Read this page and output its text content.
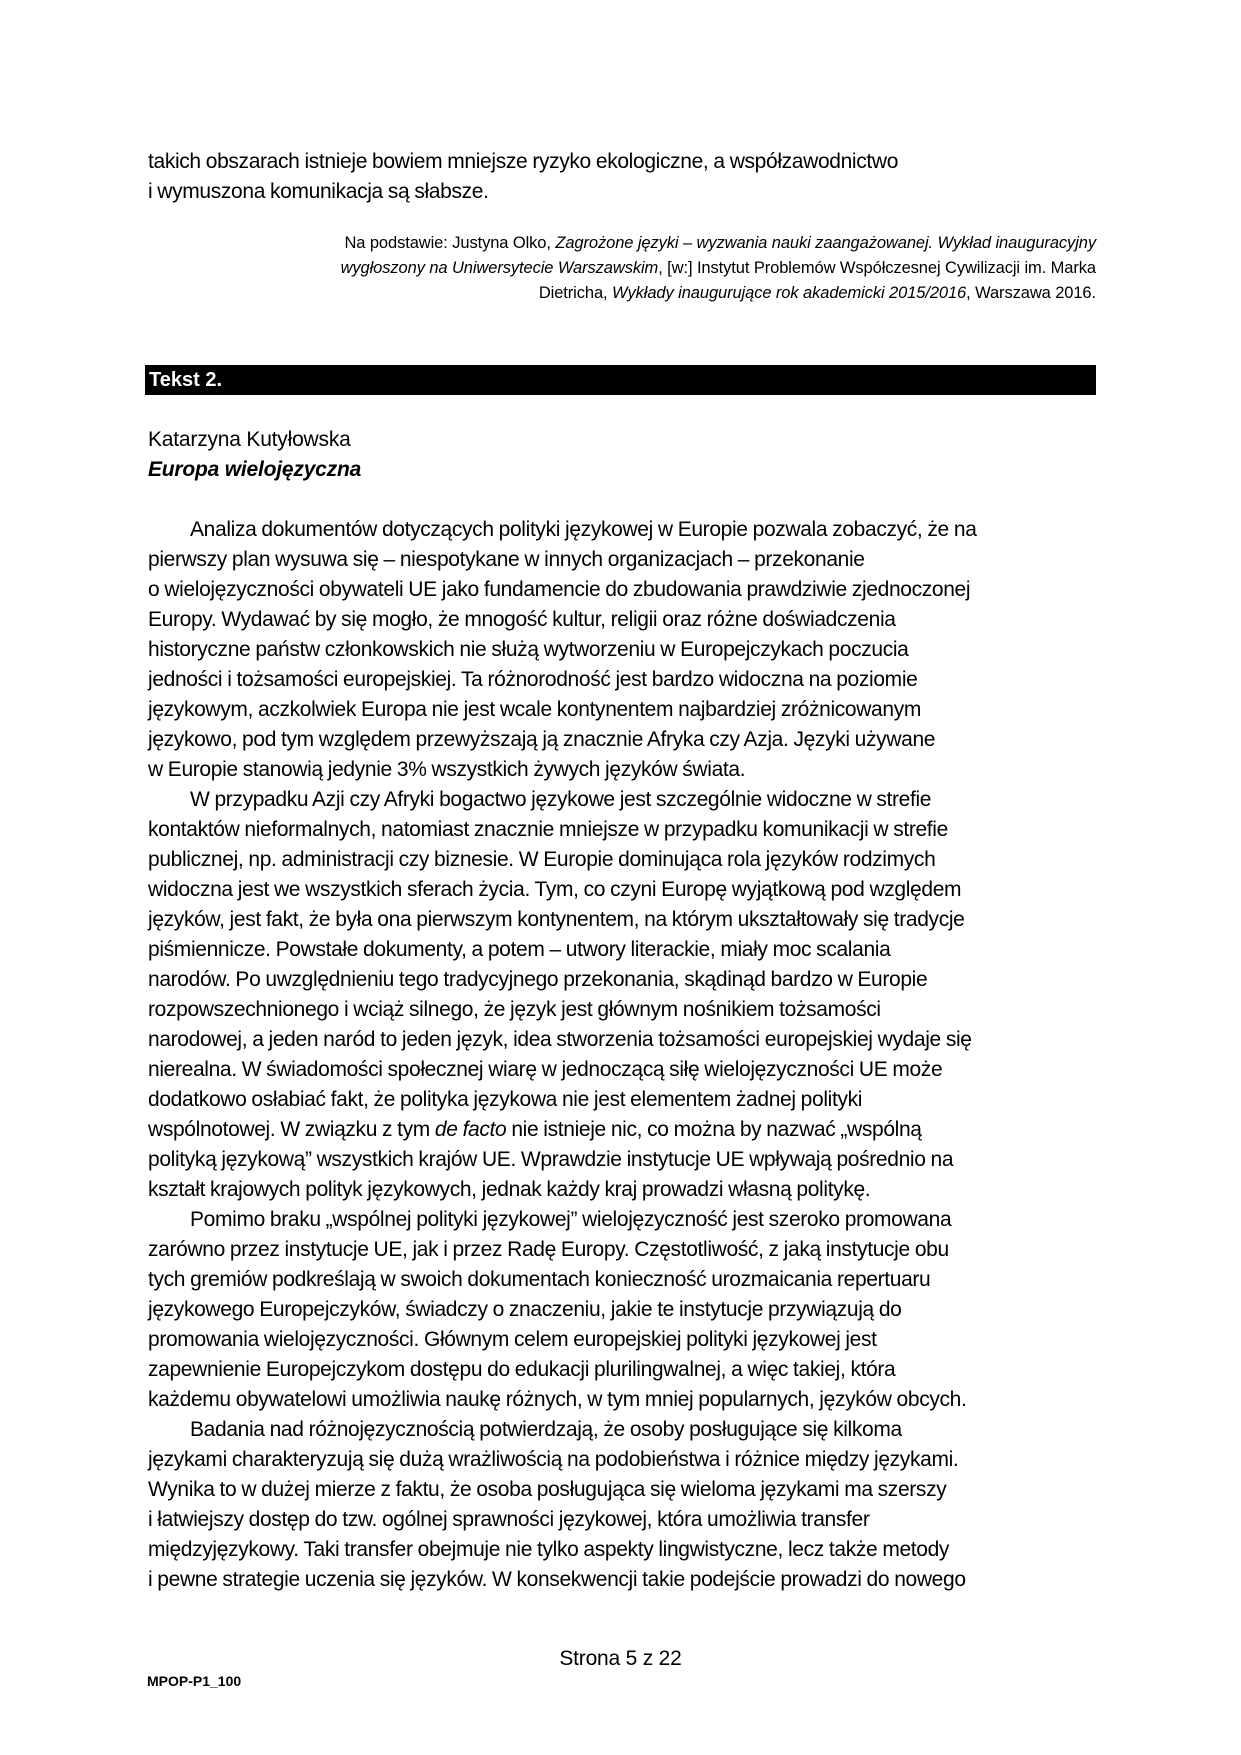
takich obszarach istnieje bowiem mniejsze ryzyko ekologiczne, a współzawodnictwo
i wymuszona komunikacja są słabsze.
Na podstawie: Justyna Olko, Zagrożone języki – wyzwania nauki zaangażowanej. Wykład inauguracyjny
wygłoszony na Uniwersytecie Warszawskim, [w:] Instytut Problemów Współczesnej Cywilizacji im. Marka
Dietricha, Wykłady inaugurujące rok akademicki 2015/2016, Warszawa 2016.
Tekst 2.
Katarzyna Kutyłowska
Europa wielojęzyczna

Analiza dokumentów dotyczących polityki językowej w Europie pozwala zobaczyć, że na
pierwszy plan wysuwa się – niespotykane w innych organizacjach – przekonanie
o wielojęzyczności obywateli UE jako fundamencie do zbudowania prawdziwie zjednoczonej
Europy. Wydawać by się mogło, że mnogość kultur, religii oraz różne doświadczenia
historyczne państw członkowskich nie służą wytworzeniu w Europejczykach poczucia
jedności i tożsamości europejskiej. Ta różnorodność jest bardzo widoczna na poziomie
językowym, aczkolwiek Europa nie jest wcale kontynentem najbardziej zróżnicowanym
językowo, pod tym względem przewyższają ją znacznie Afryka czy Azja. Języki używane
w Europie stanowią jedynie 3% wszystkich żywych języków świata.

W przypadku Azji czy Afryki bogactwo językowe jest szczególnie widoczne w strefie
kontaktów nieformalnych, natomiast znacznie mniejsze w przypadku komunikacji w strefie
publicznej, np. administracji czy biznesie. W Europie dominująca rola języków rodzimych
widoczna jest we wszystkich sferach życia. Tym, co czyni Europę wyjątkową pod względem
języków, jest fakt, że była ona pierwszym kontynentem, na którym ukształtowały się tradycje
piśmiennicze. Powstałe dokumenty, a potem – utwory literackie, miały moc scalania
narodów. Po uwzględnieniu tego tradycyjnego przekonania, skądinąd bardzo w Europie
rozpowszechnionego i wciąż silnego, że język jest głównym nośnikiem tożsamości
narodowej, a jeden naród to jeden język, idea stworzenia tożsamości europejskiej wydaje się
nierealna. W świadomości społecznej wiarę w jednoczącą siłę wielojęzyczności UE może
dodatkowo osłabiać fakt, że polityka językowa nie jest elementem żadnej polityki
wspólnotowej. W związku z tym de facto nie istnieje nic, co można by nazwać „wspólną
polityką językową” wszystkich krajów UE. Wprawdzie instytucje UE wpływają pośrednio na
kształt krajowych polityk językowych, jednak każdy kraj prowadzi własną politykę.

Pomimo braku „wspólnej polityki językowej” wielojęzyczność jest szeroko promowana
zarówno przez instytucje UE, jak i przez Radę Europy. Częstotliwość, z jaką instytucje obu
tych gremiów podkreślają w swoich dokumentach konieczność urozmaicania repertuaru
językowego Europejczyków, świadczy o znaczeniu, jakie te instytucje przywiązują do
promowania wielojęzyczności. Głównym celem europejskiej polityki językowej jest
zapewnienie Europejczykom dostępu do edukacji plurilingwalnej, a więc takiej, która
każdemu obywatelowi umożliwia naukę różnych, w tym mniej popularnych, języków obcych.

Badania nad różnojęzycznością potwierdzają, że osoby posługujące się kilkoma
językami charakteryzują się dużą wrażliwością na podobieństwa i różnice między językami.
Wynika to w dużej mierze z faktu, że osoba posługująca się wieloma językami ma szerszy
i łatwiejszy dostęp do tzw. ogólnej sprawności językowej, która umożliwia transfer
międzyjęzykowy. Taki transfer obejmuje nie tylko aspekty lingwistyczne, lecz także metody
i pewne strategie uczenia się języków. W konsekwencji takie podejście prowadzi do nowego

Strona 5 z 22
MPOP-P1_100
